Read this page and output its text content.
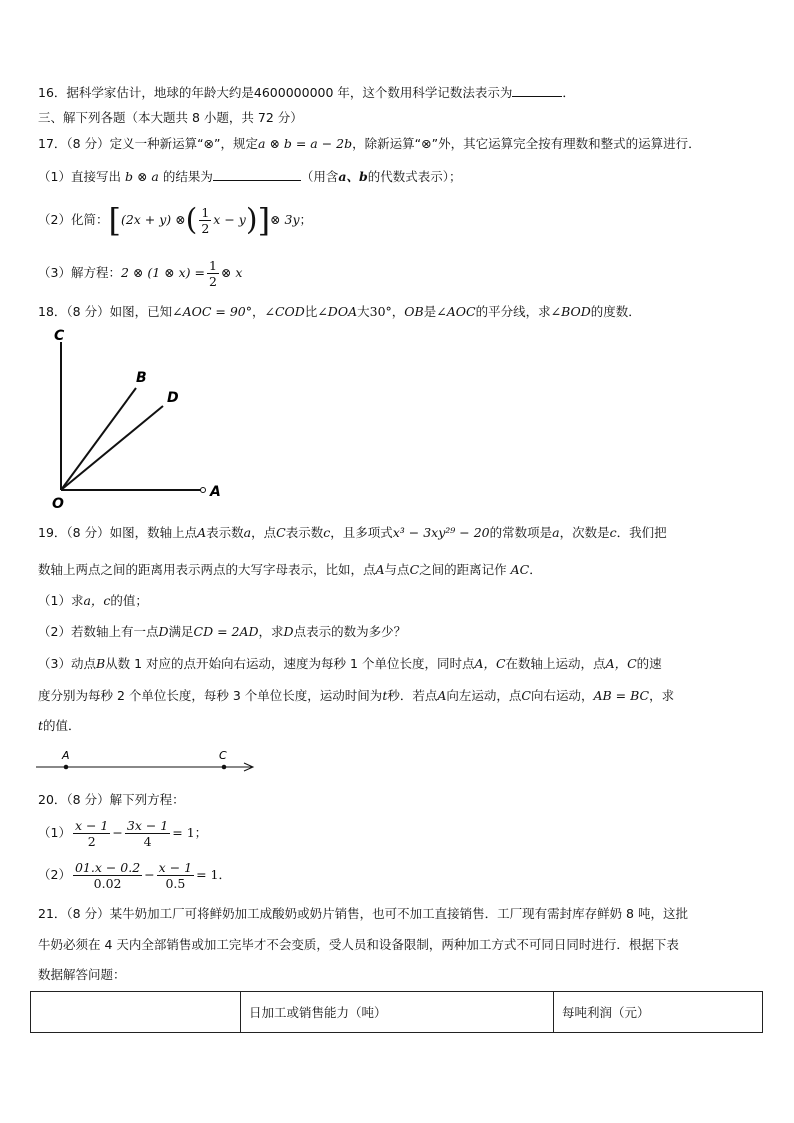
16．据科学家估计，地球的年龄大约是4600000000 年，这个数用科学记数法表示为	．
三、解下列各题（本大题共 8 小题，共 72 分）
17．（8 分）定义一种新运算“⊗”，规定a ⊗ b = a − 2b，除新运算“⊗”外，其它运算完全按有理数和整式的运算进行．
（1）直接写出 b ⊗ a 的结果为	（用含a、b的代数式表示）；
（2）化简：[(2x + y) ⊗( $\frac{1}{2}$ x − y)]⊗ 3y；
（3）解方程：2 ⊗ (1 ⊗ $x) = \frac{1}{2}$ ⊗ x
18．（8 分）如图，已知∠AOC = 90°，∠COD比∠DOA大30°，OB是∠AOC的平分线，求∠BOD的度数．
C
B
D
O
A
19．（8 分）如图，数轴上点A表示数a，点C表示数c，且多项式x³ − 3xy²⁹ − 20的常数项是a，次数是c．我们把
数轴上两点之间的距离用表示两点的大写字母表示，比如，点A与点C之间的距离记作 AC．
（1）求a，c的值；
（2）若数轴上有一点D满足CD = 2AD，求D点表示的数为多少？
（3）动点B从数 1 对应的点开始向右运动，速度为每秒 1 个单位长度，同时点A，C在数轴上运动，点A，C的速
度分别为每秒 2 个单位长度，每秒 3 个单位长度，运动时间为t秒．若点A向左运动，点C向右运动，AB = BC，求
t的值．
A	C
20．（8 分）解下列方程：
$(1) \frac{x - 1}{2} - \frac{3x - 1}{4} = 1$；
$(2) \frac{01.x - 0.2}{0.02} - \frac{x - 1}{0.5} = 1$．
21．（8 分）某牛奶加工厂可将鲜奶加工成酸奶或奶片销售，也可不加工直接销售．工厂现有需封库存鲜奶 8 吨，这批
牛奶必须在 4 天内全部销售或加工完毕才不会变质，受人员和设备限制，两种加工方式不可同日同时进行．根据下表
数据解答问题：
	日加工或销售能力（吨）	每吨利润（元）
